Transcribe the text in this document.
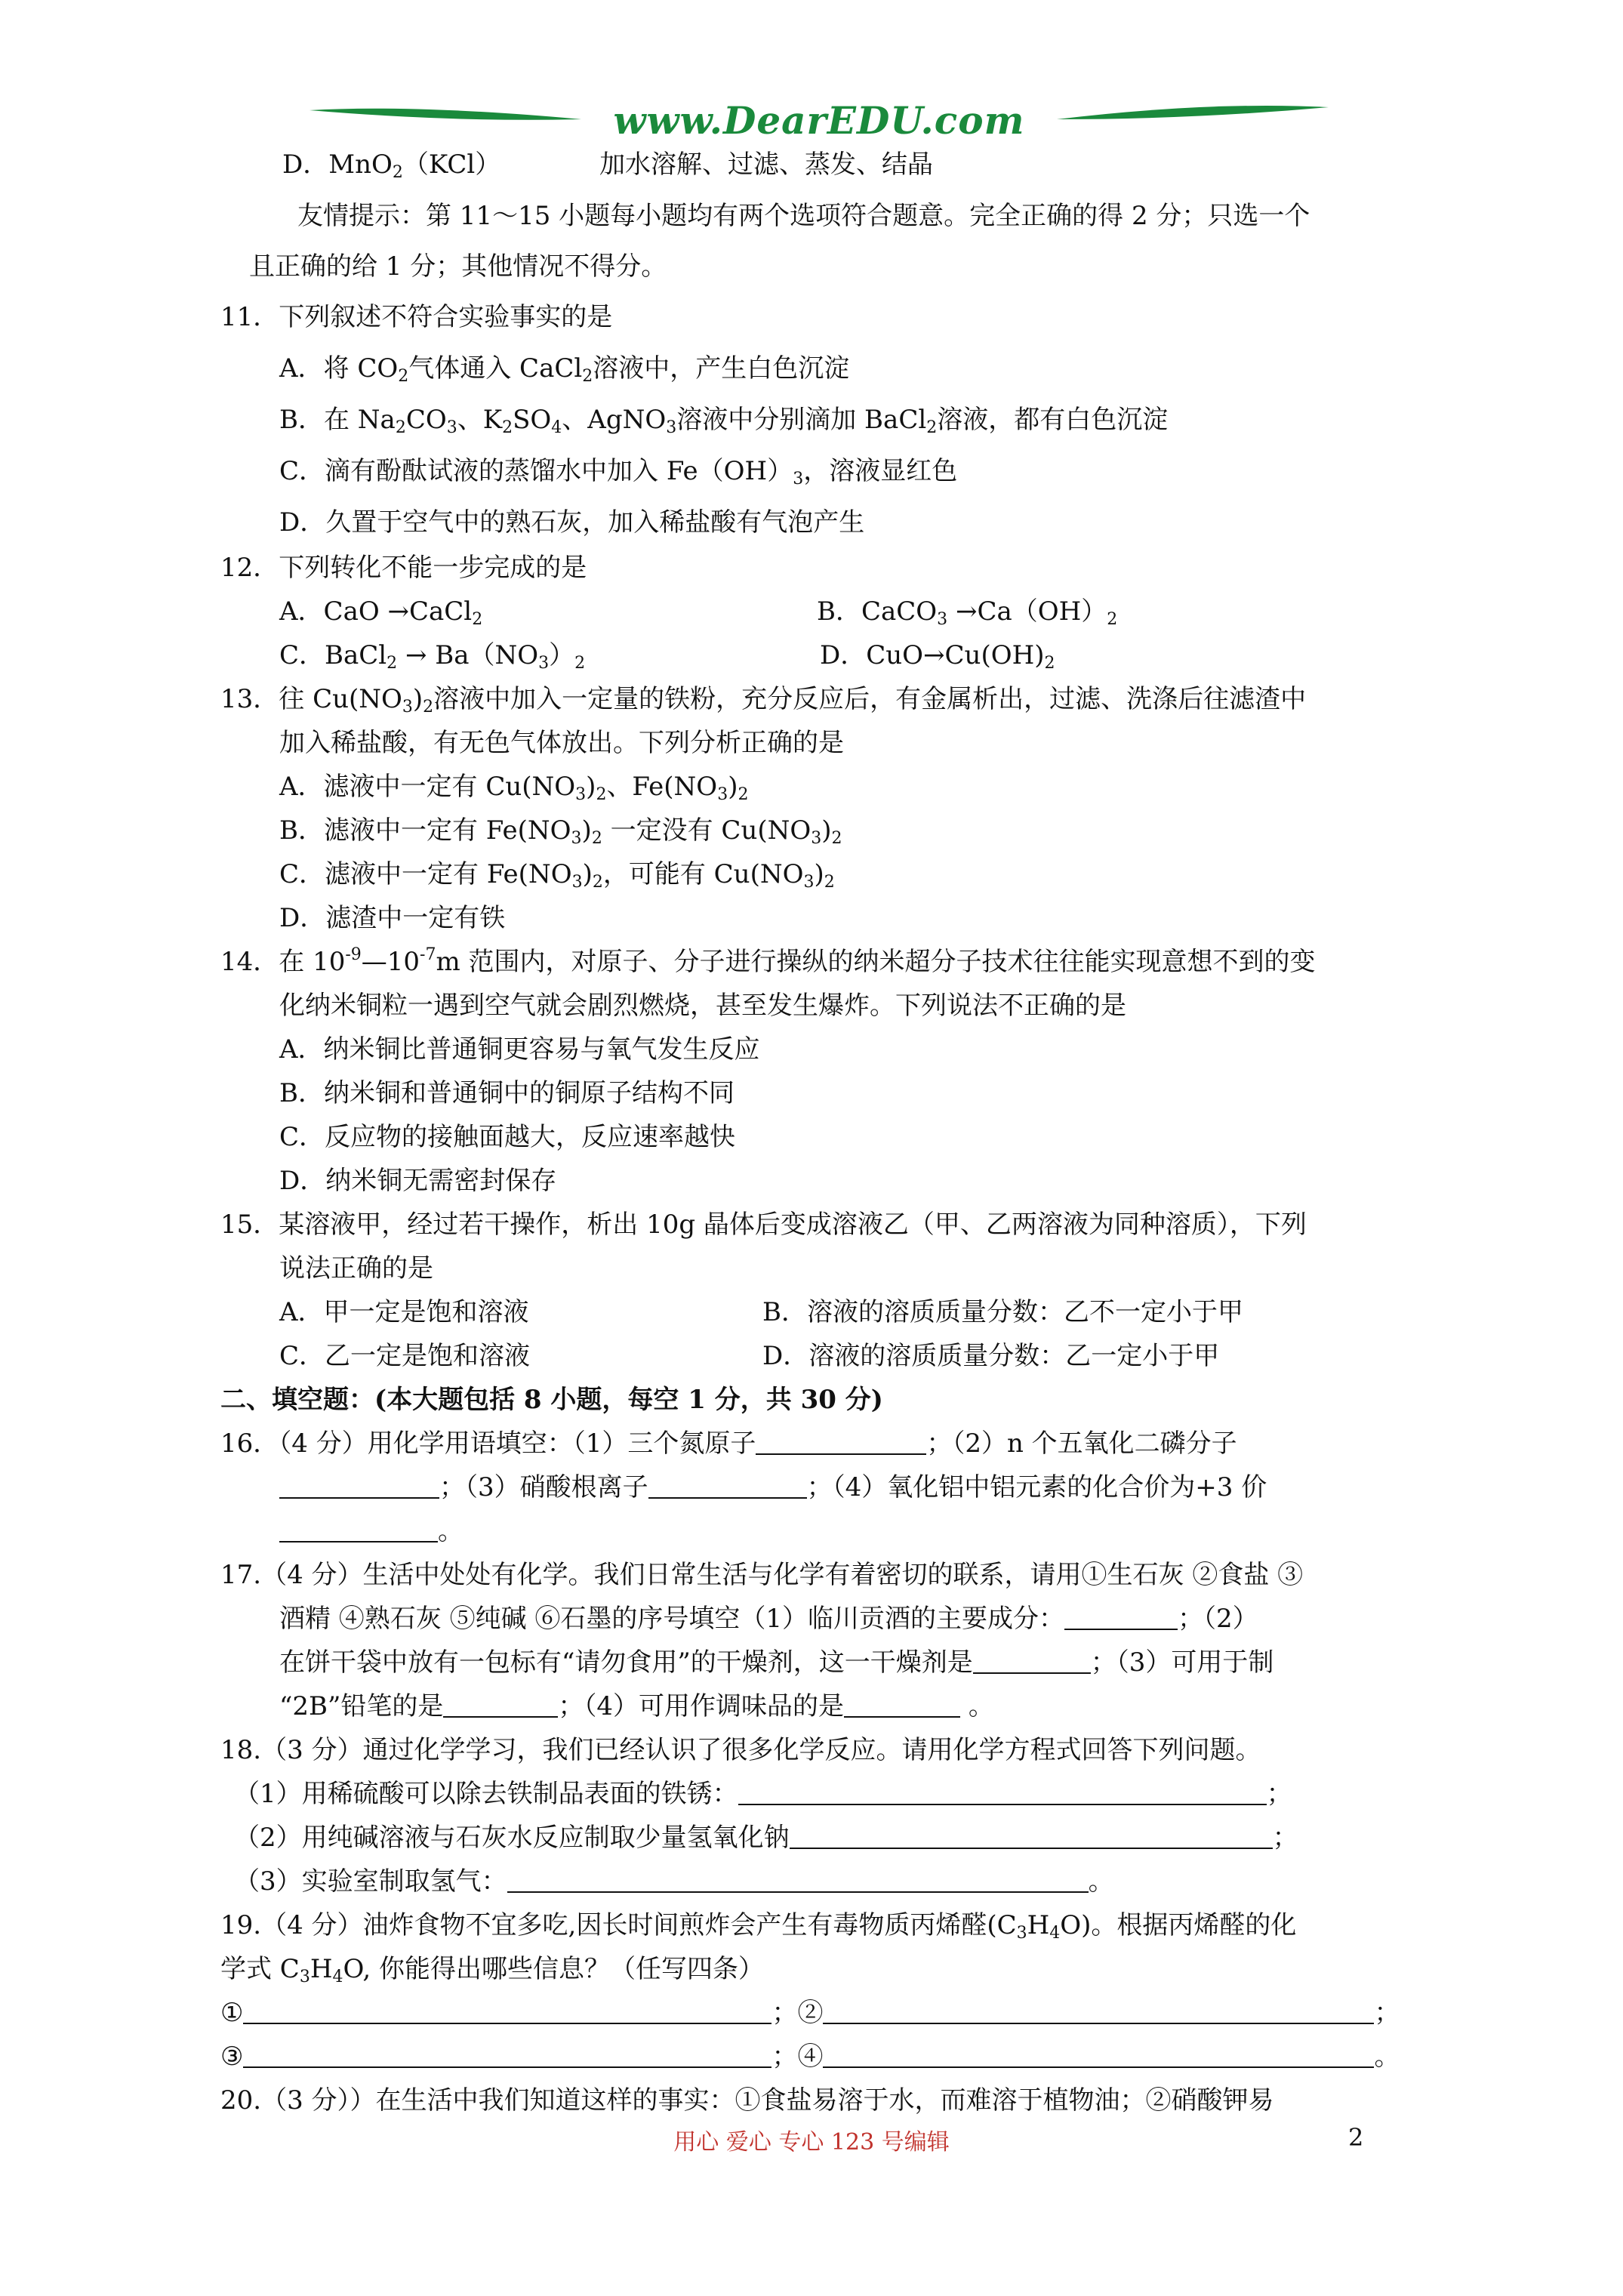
www.DearEDU.com
D．MnO$_2$（KCl）	加水溶解、过滤、蒸发、结晶
友情提示：第 11～15 小题每小题均有两个选项符合题意。完全正确的得 2 分；只选一个
且正确的给 1 分；其他情况不得分。
11．下列叙述不符合实验事实的是
A．将 $CO_2$气体通入 CaCl$_2$溶液中，产生白色沉淀
B．在 $Na_2CO_3$、$K_2SO_4$、AgNO$_3$溶液中分别滴加 BaCl$_2$溶液，都有白色沉淀
C．滴有酚酞试液的蒸馏水中加入 $Fe(OH)_3$，溶液显红色
D．久置于空气中的熟石灰，加入稀盐酸有气泡产生
12．下列转化不能一步完成的是
A．CaO →CaCl$_2$	B．CaCO$_3$ $\to Ca(OH)_2$
C．BaCl$_2$ → $Ba(NO_3)_2$	D．$CuO\to Cu(OH)_2$
13．往 $Cu(NO_3)_2$溶液中加入一定量的铁粉，充分反应后，有金属析出，过滤、洗涤后往滤渣中
加入稀盐酸，有无色气体放出。下列分析正确的是
A．滤液中一定有 $Cu(NO_3)_2$、$Fe(NO_3)_2$
B．滤液中一定有 $Fe(NO_3)_2$ 一定没有 $Cu(NO_3)_2$
C．滤液中一定有 $Fe(NO_3)_2$，可能有 $Cu(NO_3)_2$
D．滤渣中一定有铁
14．在 $10^{-9}—10^{-7}m$ 范围内，对原子、分子进行操纵的纳米超分子技术往往能实现意想不到的变
化纳米铜粒一遇到空气就会剧烈燃烧，甚至发生爆炸。下列说法不正确的是
A．纳米铜比普通铜更容易与氧气发生反应
B．纳米铜和普通铜中的铜原子结构不同
C．反应物的接触面越大，反应速率越快
D．纳米铜无需密封保存
15．某溶液甲，经过若干操作，析出 10g 晶体后变成溶液乙（甲、乙两溶液为同种溶质），下列
说法正确的是
A．甲一定是饱和溶液	B．溶液的溶质质量分数：乙不一定小于甲
C．乙一定是饱和溶液	D．溶液的溶质质量分数：乙一定小于甲
二、填空题：(本大题包括 8 小题，每空 1 分，共 30 分)
16．（4 分）用化学用语填空：（1）三个氮原子	；（2）n 个五氧化二磷分子
；（3）硝酸根离子	；（4）氧化铝中铝元素的化合价为+3 价
。
17.（4 分）生活中处处有化学。我们日常生活与化学有着密切的联系，请用①生石灰 ②食盐 ③
酒精 ④熟石灰 ⑤纯碱 ⑥石墨的序号填空（1）临川贡酒的主要成分：	；（2）
在饼干袋中放有一包标有“请勿食用”的干燥剂，这一干燥剂是	；（3）可用于制
“2B”铅笔的是	；（4）可用作调味品的是	。
18.（3 分）通过化学学习，我们已经认识了很多化学反应。请用化学方程式回答下列问题。
（1）用稀硫酸可以除去铁制品表面的铁锈：	；
（2）用纯碱溶液与石灰水反应制取少量氢氧化钠	；
（3）实验室制取氢气：	。
19.（4 分）油炸食物不宜多吃,因长时间煎炸会产生有毒物质丙烯醛$(C_3H_4O)$。根据丙烯醛的化
学式 $C_3H_4O$, 你能得出哪些信息？（任写四条）
①	；②	；
③	；④	。
20.（3 分））在生活中我们知道这样的事实：①食盐易溶于水，而难溶于植物油；②硝酸钾易
用心 爱心 专心 123 号编辑	2
